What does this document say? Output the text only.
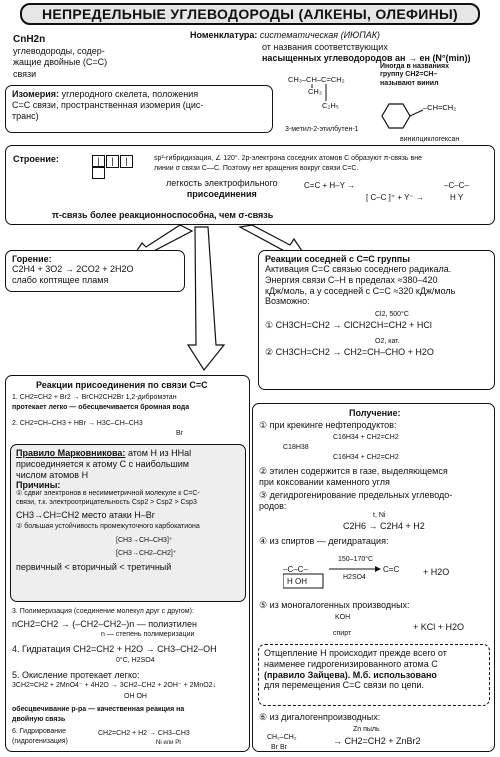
НЕПРЕДЕЛЬНЫЕ УГЛЕВОДОРОДЫ (АЛКЕНЫ, ОЛЕФИНЫ)
CnH2n
углеводороды, содер-
жащие двойные (C=C)
связи
Номенклатура: систематическая (ИЮПАК)
от названия соответствующих
насыщенных углеводородов ан → ен (N°(min))
CH₃–CH–C=CH₂
CH₃
C₂H₅
3-метил-2-этилбутен-1
Иногда в названиях
группу CH2=CH–
называют винил
–CH=CH₂
винилциклогексан
Изомерия: углеродного скелета, положения
C=C связи, пространственная изомерия (цис-
транс)
Строение:	| | |	sp²-гибридизация, ∠ 120°. 2p-электрона соседних атомов C образуют π-связь вне
линии σ связи C—C. Поэтому нет вращения вокруг связи C=C.
легкость электрофильного
присоединения
C=C + H–Y →
[ C–C ]⁺ + Y⁻ →
–C–C–
H Y
π-связь более реакционноспособна, чем σ-связь
Горение:
C2H4 + 3O2 → 2CO2 + 2H2O
слабо коптящее пламя
Реакции соседней с C=C группы
Активация C=C связью соседнего радикала.
Энергия связи C–H в пределах ≈380–420
кДж/моль, а у соседней с C=C ≈320 кДж/моль
Возможно:
Cl2, 500°C
① CH3CH=CH2 → ClCH2CH=CH2 + HCl
O2, кат.
② CH3CH=CH2 → CH2=CH–CHO + H2O
Реакции присоединения по связи C=C
1. CH2=CH2 + Br2 → BrCH2CH2Br 1,2-дибромэтан
протекает легко — обесцвечивается бромная вода
2. CH2=CH–CH3 + HBr → H3C–CH–CH3
Br
Правило Марковникова: атом H из HHal
присоединяется к атому C с наибольшим
числом атомов H
Причины:
① сдвиг электронов в несимметричной молекуле к C=C-
связи, т.к. электроотрицательность Csp2 > Csp2 > Csp3
CH3→CH=CH2 место атаки H–Br
② большая устойчивость промежуточного карбокатиона
[CH3→CH–CH3]⁺
[CH3→CH2–CH2]⁺
первичный < вторичный < третичный
3. Полимеризация (соединение молекул друг с другом):
nCH2=CH2 → (–CH2–CH2–)n — полиэтилен
n — степень полимеризации
4. Гидратация CH2=CH2 + H2O → CH3–CH2–OH
0°C, H2SO4
5. Окисление протекает легко:
3CH2=CH2 + 2MnO4⁻ + 4H2O → 3CH2–CH2 + 2OH⁻ + 2MnO2↓
OH OH
обесцвечивание p-ра — качественная реакция на
двойную связь
6. Гидрирование
(гидрогенизация)
CH2=CH2 + H2 → CH3–CH3
Ni или Pt
Получение:
① при крекинге нефтепродуктов:
C18H38
C16H34 + CH2=CH2
C16H34 + CH2=CH2
② этилен содержится в газе, выделяющемся
при коксовании каменного угля
③ дегидрогенирование предельных углеводо-
родов:
t, Ni
C2H6 → C2H4 + H2
④ из спиртов — дегидратация:
–C–C–
H OH
C=C
150–170°C
H2SO4
+ H2O
⑤ из моногалогенных производных:
KOH
спирт
+ KCl + H2O
Отщепление H происходит прежде всего от
наименее гидрогенизированного атома C
(правило Зайцева). М.б. использовано
для перемещения C=C связи по цепи.
⑥ из дигалогенпроизводных:
Zn пыль
CH₂–CH₂
Br Br
→ CH2=CH2 + ZnBr2
